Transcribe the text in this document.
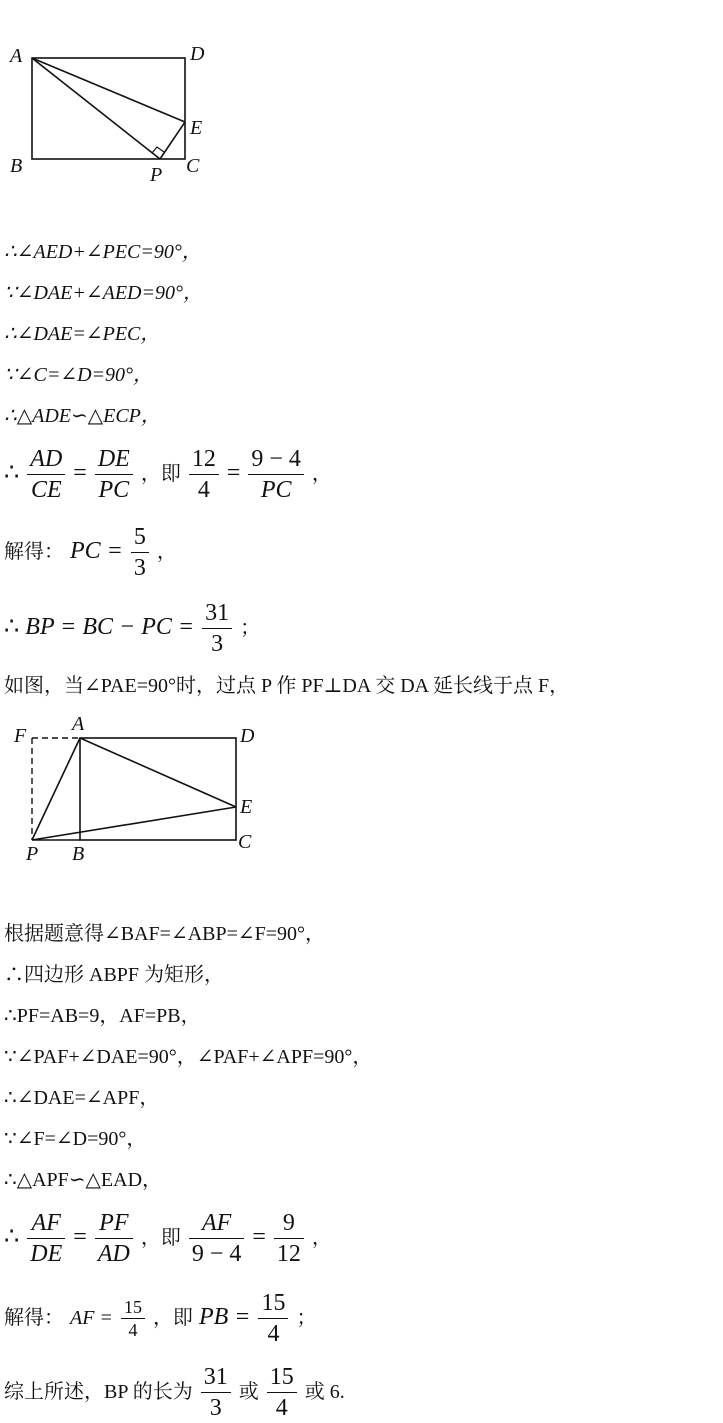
A	D
E
B	C
P
∴∠AED+∠PEC=90°，
∵∠DAE+∠AED=90°，
∴∠DAE=∠PEC，
∵∠C=∠D=90°，
∴△ADE∽△ECP，
∴ $\frac{AD}{CE} = \frac{DE}{PC}$ ，即 $\frac{12}{4} = \frac{9 - 4}{PC}$ ，
解得： PC = $\frac{5}{3}$ ，
∴ BP = BC − PC = $\frac{31}{3}$ ；
如图，当∠PAE=90°时，过点 P 作 PF⊥DA 交 DA 延长线于点 F，
F
A
D
E
C
P B
根据题意得∠BAF=∠ABP=∠F=90°，
∴四边形 ABPF 为矩形，
∴PF=AB=9，AF=PB，
∵∠PAF+∠DAE=90°，∠PAF+∠APF=90°，
∴∠DAE=∠APF，
∵∠F=∠D=90°，
∴△APF∽△EAD，
∴ $\frac{AF}{DE} = \frac{PF}{AD}$ ，即 $\frac{AF}{9 - 4} = \frac{9}{12}$ ，
解得： AF = $\frac{15}{4}$ ，即 PB = $\frac{15}{4}$ ；
综上所述，BP 的长为 $\frac{31}{3}$ 或 $\frac{15}{4}$ 或 6.
